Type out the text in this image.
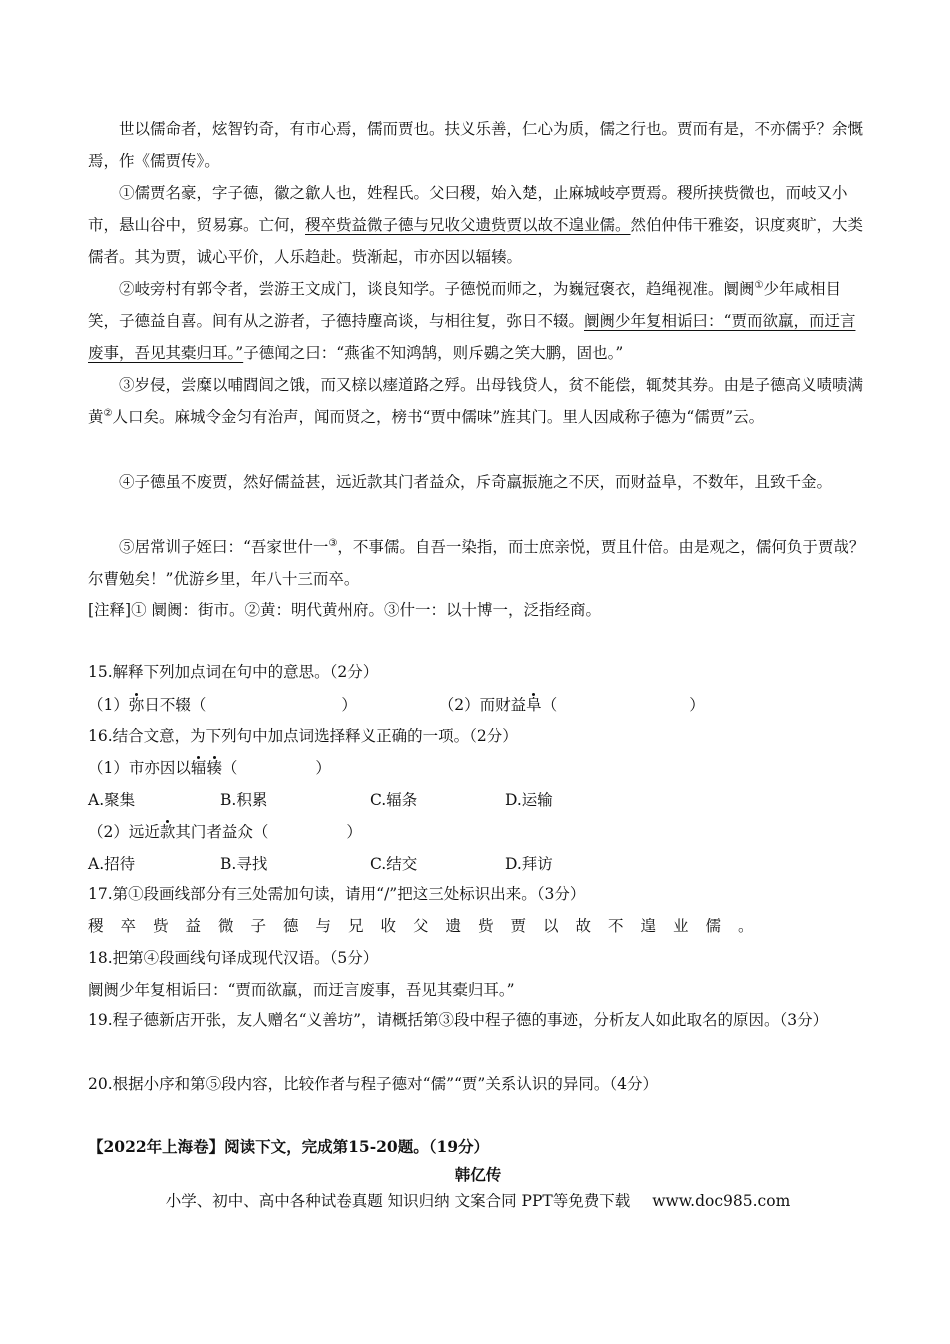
世以儒命者，炫智钓奇，有市心焉，儒而贾也。扶义乐善，仁心为质，儒之行也。贾而有是，不亦儒乎？余慨焉，作《儒贾传》。

①儒贾名豪，字子德，徽之歙人也，姓程氏。父曰稷，始入楚，止麻城岐亭贾焉。稷所挟赀微也，而岐又小市，悬山谷中，贸易寡。亡何，稷卒赀益微子德与兄收父遗赀贾以故不遑业儒。然伯仲伟干雅姿，识度爽旷，大类儒者。其为贾，诚心平价，人乐趋赴。赀渐起，市亦因以辐辏。

②岐旁村有郭令者，尝游王文成门，谈良知学。子德悦而师之，为巍冠褒衣，趋绳视准。阛阓①少年咸相目笑，子德益自喜。间有从之游者，子德持麈高谈，与相往复，弥日不辍。阛阓少年复相诟曰：“贾而欲羸，而迂言废事，吾见其橐归耳。”子德闻之曰：“燕雀不知鸿鹄，则斥鷃之笑大鹏，固也。”

③岁侵，尝糜以哺閰闾之饿，而又榇以瘗道路之殍。出母钱贷人，贫不能偿，辄焚其券。由是子德高义啧啧满黄②人口矣。麻城令金匀有治声，闻而贤之，榜书“贾中儒味”旌其门。里人因咸称子德为“儒贾”云。

④子德虽不废贾，然好儒益甚，远近款其门者益众，斥奇羸振施之不厌，而财益阜，不数年，且致千金。

⑤居常训子姪曰：“吾家世什一③，不事儒。自吾一染指，而士庶亲悦，贾且什倍。由是观之，儒何负于贾哉？尔曹勉矣！”优游乡里，年八十三而卒。

[注释]① 阛阓：街市。②黄：明代黄州府。③什一：以十博一，泛指经商。

15.解释下列加点词在句中的意思。（2分）

（1）弥日不辍（	）	（2）而财益阜（	）

16.结合文意，为下列句中加点词选择释义正确的一项。（2分）

（1）市亦因以辐辏（	）

A.聚集	B.积累	C.辐条	D.运输

（2）远近款其门者益众（	）

A.招待	B.寻找	C.结交	D.拜访

17.第①段画线部分有三处需加句读，请用“/”把这三处标识出来。（3分）

稷卒赀益微子德与兄收父遗赀贾以故不遑业儒。

18.把第④段画线句译成现代汉语。（5分）

阛阓少年复相诟曰：“贾而欲羸，而迂言废事，吾见其橐归耳。”

19.程子德新店开张，友人赠名“义善坊”，请概括第③段中程子德的事迹，分析友人如此取名的原因。（3分）

20.根据小序和第⑤段内容，比较作者与程子德对“儒”“贾”关系认识的异同。（4分）

【2022年上海卷】阅读下文，完成第15-20题。（19分）

韩亿传

小学、初中、高中各种试卷真题 知识归纳 文案合同 PPT等免费下载 www.doc985.com
